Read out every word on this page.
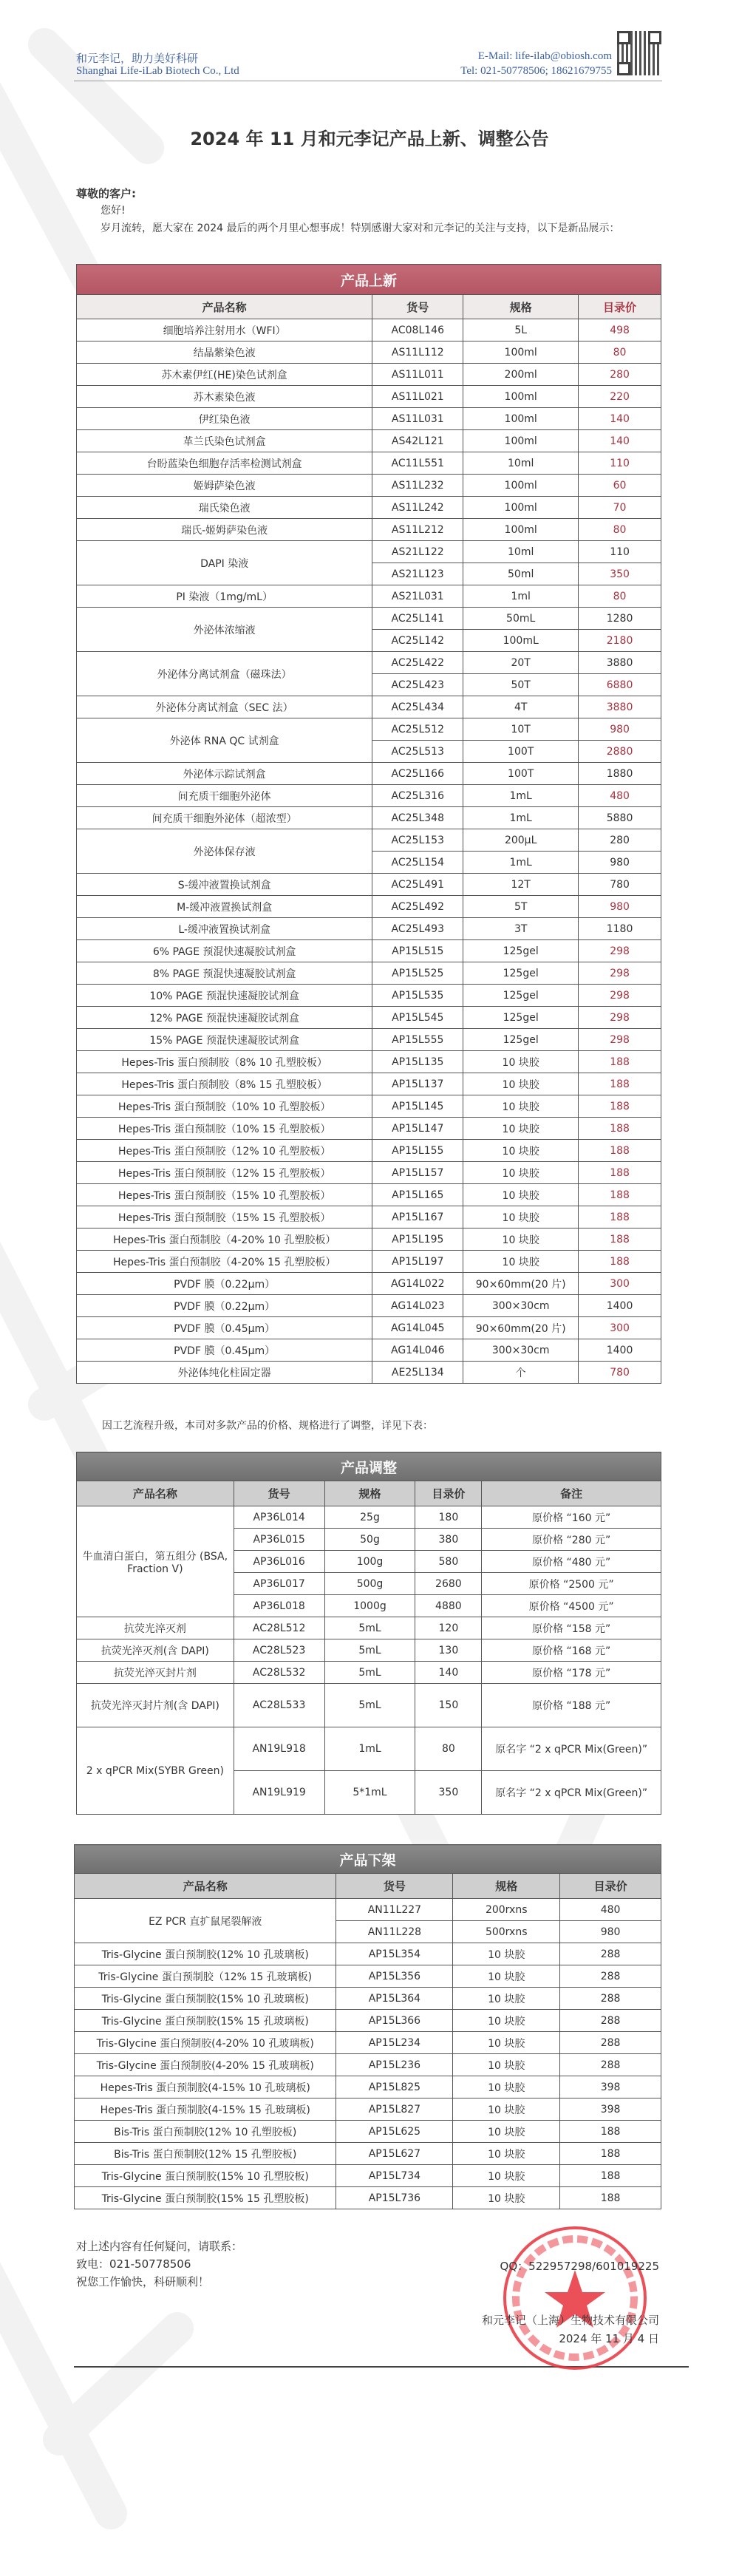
和元李记，助力美好科研
Shanghai Life-iLab Biotech Co., Ltd
E-Mail: life-ilab@obiosh.com
Tel: 021-50778506; 18621679755
2024 年 11 月和元李记产品上新、调整公告
尊敬的客户:
您好!
岁月流转，愿大家在 2024 最后的两个月里心想事成！特别感谢大家对和元李记的关注与支持，以下是新品展示：
产品上新			
产品名称	货号	规格	目录价
细胞培养注射用水（WFI）	AC08L146	5L	498
结晶紫染色液	AS11L112	100ml	80
苏木素伊红(HE)染色试剂盒	AS11L011	200ml	280
苏木素染色液	AS11L021	100ml	220
伊红染色液	AS11L031	100ml	140
革兰氏染色试剂盒	AS42L121	100ml	140
台盼蓝染色细胞存活率检测试剂盒	AC11L551	10ml	110
姬姆萨染色液	AS11L232	100ml	60
瑞氏染色液	AS11L242	100ml	70
瑞氏-姬姆萨染色液	AS11L212	100ml	80
DAPI 染液	AS21L122	10ml	110
	AS21L123	50ml	350
PI 染液（1mg/mL）	AS21L031	1ml	80
外泌体浓缩液	AC25L141	50mL	1280
	AC25L142	100mL	2180
外泌体分离试剂盒（磁珠法）	AC25L422	20T	3880
	AC25L423	50T	6880
外泌体分离试剂盒（SEC 法）	AC25L434	4T	3880
外泌体 RNA QC 试剂盒	AC25L512	10T	980
	AC25L513	100T	2880
外泌体示踪试剂盒	AC25L166	100T	1880
间充质干细胞外泌体	AC25L316	1mL	480
间充质干细胞外泌体（超浓型）	AC25L348	1mL	5880
外泌体保存液	AC25L153	200μL	280
	AC25L154	1mL	980
S-缓冲液置换试剂盒	AC25L491	12T	780
M-缓冲液置换试剂盒	AC25L492	5T	980
L-缓冲液置换试剂盒	AC25L493	3T	1180
6% PAGE 预混快速凝胶试剂盒	AP15L515	125gel	298
8% PAGE 预混快速凝胶试剂盒	AP15L525	125gel	298
10% PAGE 预混快速凝胶试剂盒	AP15L535	125gel	298
12% PAGE 预混快速凝胶试剂盒	AP15L545	125gel	298
15% PAGE 预混快速凝胶试剂盒	AP15L555	125gel	298
Hepes-Tris 蛋白预制胶（8% 10 孔塑胶板）	AP15L135	10 块胶	188
Hepes-Tris 蛋白预制胶（8% 15 孔塑胶板）	AP15L137	10 块胶	188
Hepes-Tris 蛋白预制胶（10% 10 孔塑胶板）	AP15L145	10 块胶	188
Hepes-Tris 蛋白预制胶（10% 15 孔塑胶板）	AP15L147	10 块胶	188
Hepes-Tris 蛋白预制胶（12% 10 孔塑胶板）	AP15L155	10 块胶	188
Hepes-Tris 蛋白预制胶（12% 15 孔塑胶板）	AP15L157	10 块胶	188
Hepes-Tris 蛋白预制胶（15% 10 孔塑胶板）	AP15L165	10 块胶	188
Hepes-Tris 蛋白预制胶（15% 15 孔塑胶板）	AP15L167	10 块胶	188
Hepes-Tris 蛋白预制胶（4-20% 10 孔塑胶板）	AP15L195	10 块胶	188
Hepes-Tris 蛋白预制胶（4-20% 15 孔塑胶板）	AP15L197	10 块胶	188
PVDF 膜（0.22μm）	AG14L022	90×60mm(20 片)	300
PVDF 膜（0.22μm）	AG14L023	300×30cm	1400
PVDF 膜（0.45μm）	AG14L045	90×60mm(20 片)	300
PVDF 膜（0.45μm）	AG14L046	300×30cm	1400
外泌体纯化柱固定器	AE25L134	个	780
因工艺流程升级，本司对多款产品的价格、规格进行了调整，详见下表：
产品调整				
产品名称	货号	规格	目录价	备注
牛血清白蛋白，第五组分 (BSA, Fraction V)	AP36L014	25g	180	原价格 “160 元”
	AP36L015	50g	380	原价格 “280 元”
	AP36L016	100g	580	原价格 “480 元”
	AP36L017	500g	2680	原价格 “2500 元”
	AP36L018	1000g	4880	原价格 “4500 元”
抗荧光淬灭剂	AC28L512	5mL	120	原价格 “158 元”
抗荧光淬灭剂(含 DAPI)	AC28L523	5mL	130	原价格 “168 元”
抗荧光淬灭封片剂	AC28L532	5mL	140	原价格 “178 元”
抗荧光淬灭封片剂(含 DAPI)	AC28L533	5mL	150	原价格 “188 元”
2 x qPCR Mix(SYBR Green)	AN19L918	1mL	80	原名字 “2 x qPCR Mix(Green)”
	AN19L919	5*1mL	350	原名字 “2 x qPCR Mix(Green)”
产品下架			
产品名称	货号	规格	目录价
EZ PCR 直扩鼠尾裂解液	AN11L227	200rxns	480
	AN11L228	500rxns	980
Tris-Glycine 蛋白预制胶(12% 10 孔玻璃板)	AP15L354	10 块胶	288
Tris-Glycine 蛋白预制胶（12% 15 孔玻璃板)	AP15L356	10 块胶	288
Tris-Glycine 蛋白预制胶(15% 10 孔玻璃板)	AP15L364	10 块胶	288
Tris-Glycine 蛋白预制胶(15% 15 孔玻璃板)	AP15L366	10 块胶	288
Tris-Glycine 蛋白预制胶(4-20% 10 孔玻璃板)	AP15L234	10 块胶	288
Tris-Glycine 蛋白预制胶(4-20% 15 孔玻璃板)	AP15L236	10 块胶	288
Hepes-Tris 蛋白预制胶(4-15% 10 孔玻璃板)	AP15L825	10 块胶	398
Hepes-Tris 蛋白预制胶(4-15% 15 孔玻璃板)	AP15L827	10 块胶	398
Bis-Tris 蛋白预制胶(12% 10 孔塑胶板)	AP15L625	10 块胶	188
Bis-Tris 蛋白预制胶(12% 15 孔塑胶板)	AP15L627	10 块胶	188
Tris-Glycine 蛋白预制胶(15% 10 孔塑胶板)	AP15L734	10 块胶	188
Tris-Glycine 蛋白预制胶(15% 15 孔塑胶板)	AP15L736	10 块胶	188
对上述内容有任何疑问，请联系：
致电：021-50778506
祝您工作愉快，科研顺利！
QQ：522957298/601019225
和元李记（上海）生物技术有限公司
2024 年 11 月 4 日
